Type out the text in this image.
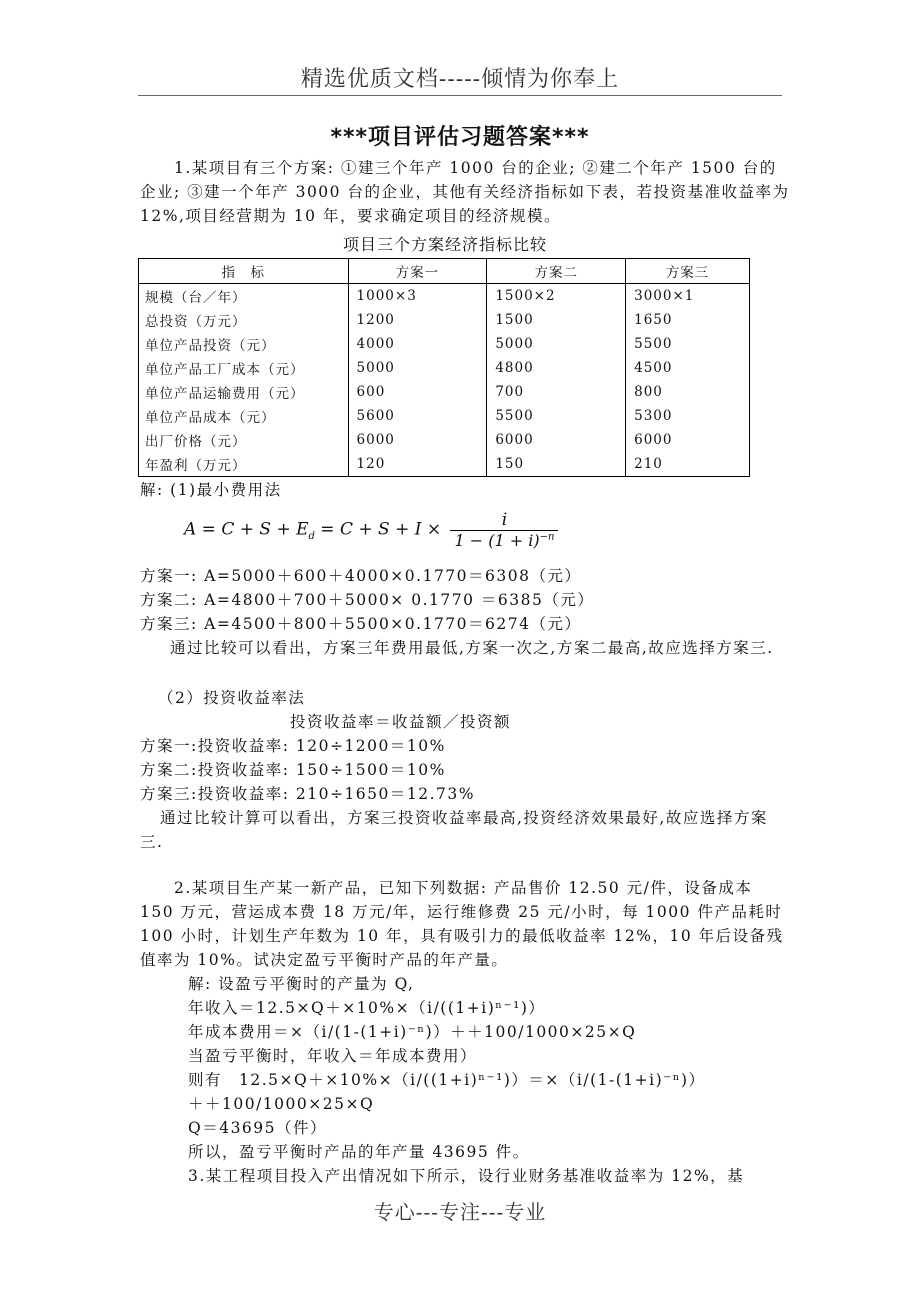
精选优质文档-----倾情为你奉上
***项目评估习题答案***

1.某项目有三个方案: ①建三个年产 1000 台的企业; ②建二个年产 1500 台的企业; ③建一个年产 3000 台的企业，其他有关经济指标如下表，若投资基准收益率为 12%,项目经营期为 10 年，要求确定项目的经济规模。

项目三个方案经济指标比较
指　标	方案一	方案二	方案三
规模（台／年）	1000×3	1500×2	3000×1
总投资（万元）	1200	1500	1650
单位产品投资（元）	4000	5000	5500
单位产品工厂成本（元）	5000	4800	4500
单位产品运输费用（元）	600	700	800
单位产品成本（元）	5600	5500	5300
出厂价格（元）	6000	6000	6000
年盈利（万元）	120	150	210
解: (1)最小费用法
$A = C + S + E_d = C + S + I \times \frac{i}{1 - (1 + i)^{-n}}$
方案一: A=5000＋600＋4000×0.1770＝6308（元）
方案二: A=4800＋700＋5000× 0.1770 ＝6385（元）
方案三: A=4500＋800＋5500×0.1770＝6274（元）

通过比较可以看出，方案三年费用最低,方案一次之,方案二最高,故应选择方案三.

（2）投资收益率法
投资收益率＝收益额／投资额
方案一:投资收益率: 120÷1200＝10%
方案二:投资收益率: 150÷1500＝10%
方案三:投资收益率: 210÷1650＝12.73%

通过比较计算可以看出，方案三投资收益率最高,投资经济效果最好,故应选择方案三.

2.某项目生产某一新产品，已知下列数据: 产品售价 12.50 元/件，设备成本 150 万元，营运成本费 18 万元/年，运行维修费 25 元/小时，每 1000 件产品耗时 100 小时，计划生产年数为 10 年，具有吸引力的最低收益率 12%，10 年后设备残值率为 10%。试决定盈亏平衡时产品的年产量。

解: 设盈亏平衡时的产量为 Q,
年收入＝12.5×Q＋×10%×（i/((1+i)ⁿ⁻¹)）
年成本费用＝×（i/(1-(1+i)⁻ⁿ)）＋＋100/1000×25×Q
当盈亏平衡时，年收入＝年成本费用）
则有　12.5×Q＋×10%×（i/((1+i)ⁿ⁻¹)）＝×（i/(1-(1+i)⁻ⁿ)）
＋＋100/1000×25×Q
Q＝43695（件）
所以，盈亏平衡时产品的年产量 43695 件。
3.某工程项目投入产出情况如下所示，设行业财务基准收益率为 12%，基
专心---专注---专业
